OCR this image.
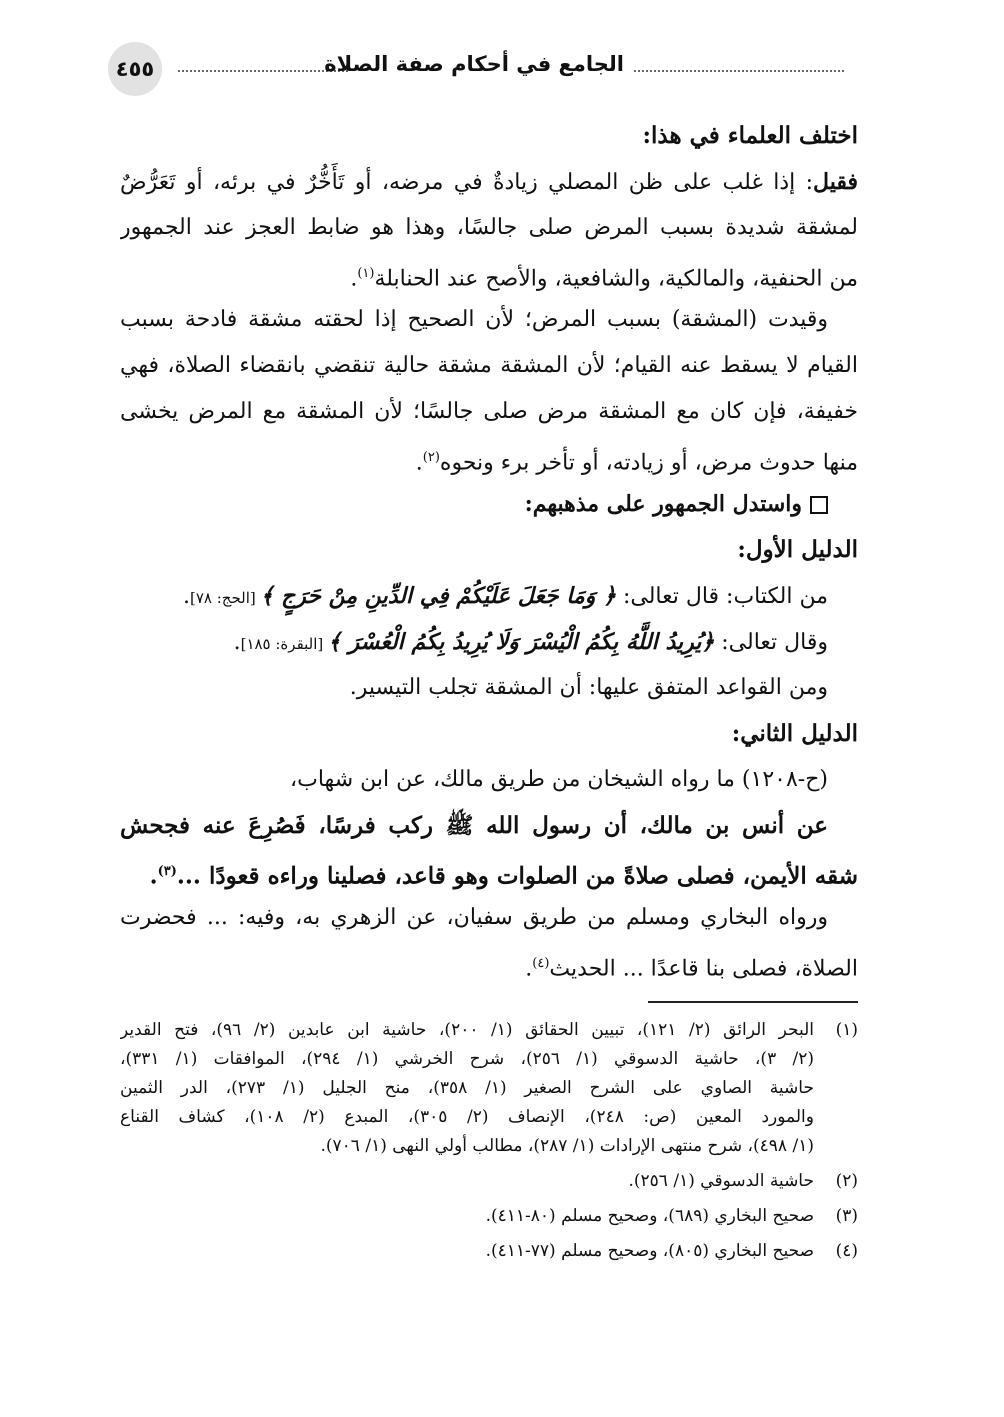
٤٥٥	الجامع في أحكام صفة الصلاة
اختلف العلماء في هذا:
فقيل: إذا غلب على ظن المصلي زيادةٌ في مرضه، أو تَأَخُّرٌ في برئه، أو تَعَرُّضٌ
لمشقة شديدة بسبب المرض صلى جالسًا، وهذا هو ضابط العجز عند الجمهور
من الحنفية، والمالكية، والشافعية، والأصح عند الحنابلة$^{(١)}$.
وقيدت (المشقة) بسبب المرض؛ لأن الصحيح إذا لحقته مشقة فادحة بسبب
القيام لا يسقط عنه القيام؛ لأن المشقة مشقة حالية تنقضي بانقضاء الصلاة، فهي
خفيفة، فإن كان مع المشقة مرض صلى جالسًا؛ لأن المشقة مع المرض يخشى
منها حدوث مرض، أو زيادته، أو تأخر برء ونحوه$^{(٢)}$.
واستدل الجمهور على مذهبهم:
الدليل الأول:
من الكتاب: قال تعالى: ﴿ وَمَا جَعَلَ عَلَيْكُمْ فِي الدِّينِ مِنْ حَرَجٍ ﴾ [الحج: ٧٨].
وقال تعالى: ﴿يُرِيدُ اللَّهُ بِكُمُ الْيُسْرَ وَلَا يُرِيدُ بِكُمُ الْعُسْرَ ﴾ [البقرة: ١٨٥].
ومن القواعد المتفق عليها: أن المشقة تجلب التيسير.
الدليل الثاني:
(ح-١٢٠٨) ما رواه الشيخان من طريق مالك، عن ابن شهاب،
عن أنس بن مالك، أن رسول الله ﷺ ركب فرسًا، فَصُرِعَ عنه فجحش
شقه الأيمن، فصلى صلاةً من الصلوات وهو قاعد، فصلينا وراءه قعودًا ...$^{(٣)}$.
ورواه البخاري ومسلم من طريق سفيان، عن الزهري به، وفيه: ... فحضرت
الصلاة، فصلى بنا قاعدًا ... الحديث$^{(٤)}$.
(١)
البحر الرائق (٢/ ١٢١)، تبيين الحقائق (١/ ٢٠٠)، حاشية ابن عابدين (٢/ ٩٦)، فتح القدير
(٢/ ٣)، حاشية الدسوقي (١/ ٢٥٦)، شرح الخرشي (١/ ٢٩٤)، الموافقات (١/ ٣٣١)،
حاشية الصاوي على الشرح الصغير (١/ ٣٥٨)، منح الجليل (١/ ٢٧٣)، الدر الثمين
والمورد المعين (ص: ٢٤٨)، الإنصاف (٢/ ٣٠٥)، المبدع (٢/ ١٠٨)، كشاف القناع
(١/ ٤٩٨)، شرح منتهى الإرادات (١/ ٢٨٧)، مطالب أولي النهى (١/ ٧٠٦).
(٢)
حاشية الدسوقي (١/ ٢٥٦).
(٣)
صحيح البخاري (٦٨٩)، وصحيح مسلم (٨٠-٤١١).
(٤)
صحيح البخاري (٨٠٥)، وصحيح مسلم (٧٧-٤١١).
